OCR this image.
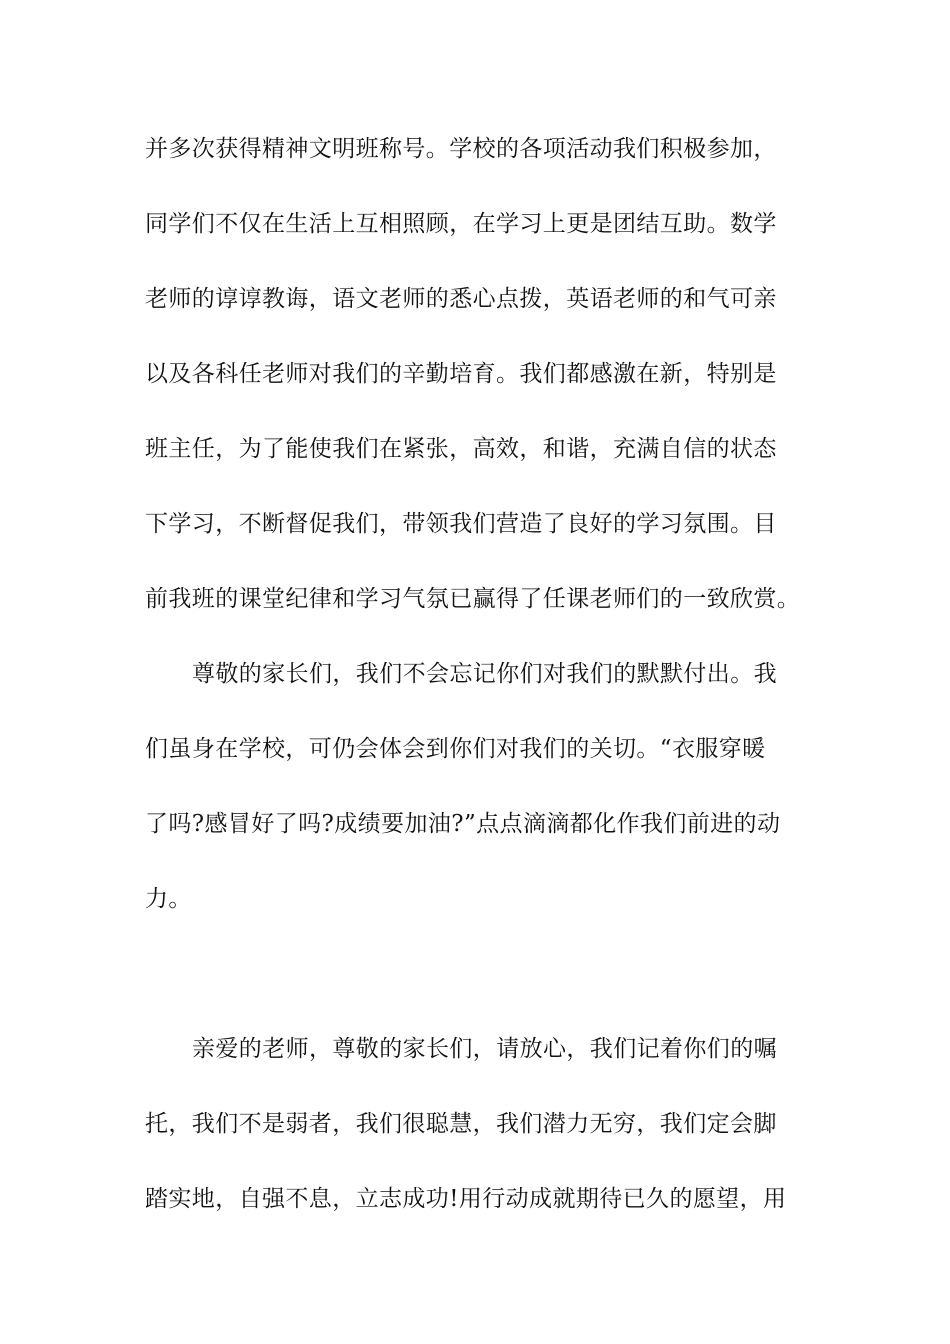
并多次获得精神文明班称号。学校的各项活动我们积极参加，
同学们不仅在生活上互相照顾，在学习上更是团结互助。数学
老师的谆谆教诲，语文老师的悉心点拨，英语老师的和气可亲
以及各科任老师对我们的辛勤培育。我们都感激在新，特别是
班主任，为了能使我们在紧张，高效，和谐，充满自信的状态
下学习，不断督促我们，带领我们营造了良好的学习氛围。目
前我班的课堂纪律和学习气氛已赢得了任课老师们的一致欣赏。
尊敬的家长们，我们不会忘记你们对我们的默默付出。我
们虽身在学校，可仍会体会到你们对我们的关切。“衣服穿暖
了吗?感冒好了吗?成绩要加油?”点点滴滴都化作我们前进的动
力。
亲爱的老师，尊敬的家长们，请放心，我们记着你们的嘱
托，我们不是弱者，我们很聪慧，我们潜力无穷，我们定会脚
踏实地，自强不息，立志成功!用行动成就期待已久的愿望，用
